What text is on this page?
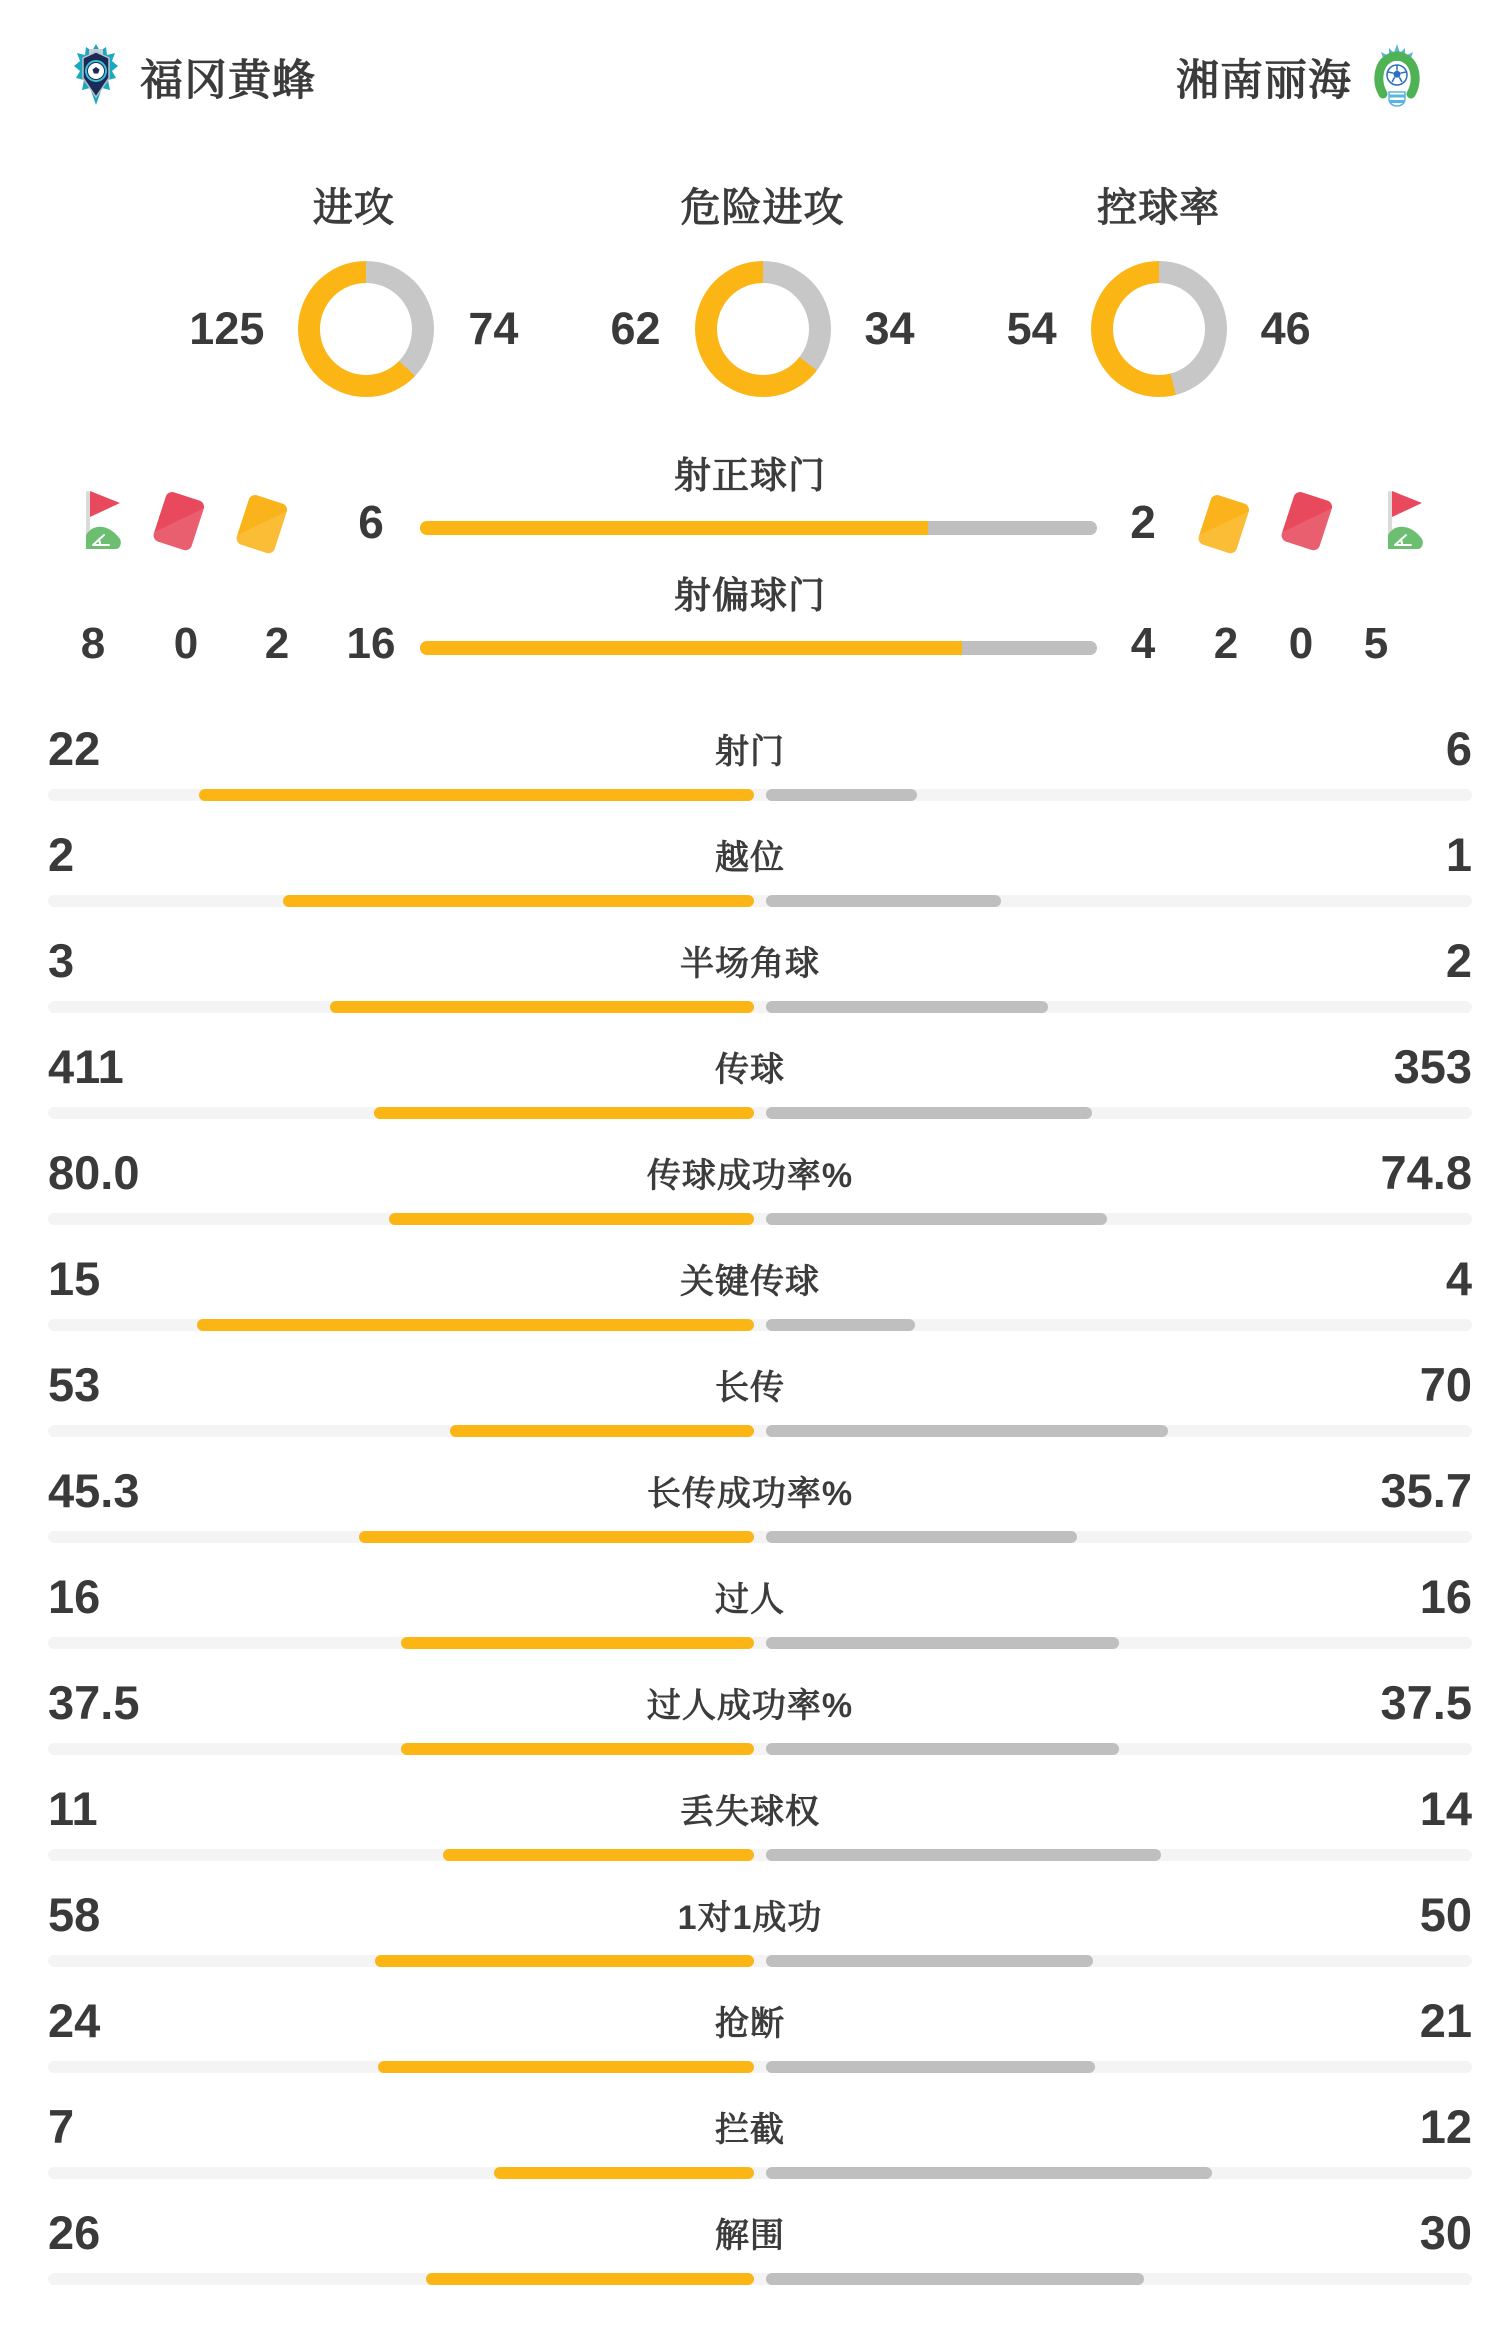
福冈黄蜂	湘南丽海
进攻
125	74
危险进攻
62	34
控球率
54	46
射正球门
6	2
射偏球门
8	0	2	16	4	2	0	5
22	射门	6
2	越位	1
3	半场角球	2
411	传球	353
80.0	传球成功率%	74.8
15	关键传球	4
53	长传	70
45.3	长传成功率%	35.7
16	过人	16
37.5	过人成功率%	37.5
11	丢失球权	14
58	1对1成功	50
24	抢断	21
7	拦截	12
26	解围	30
